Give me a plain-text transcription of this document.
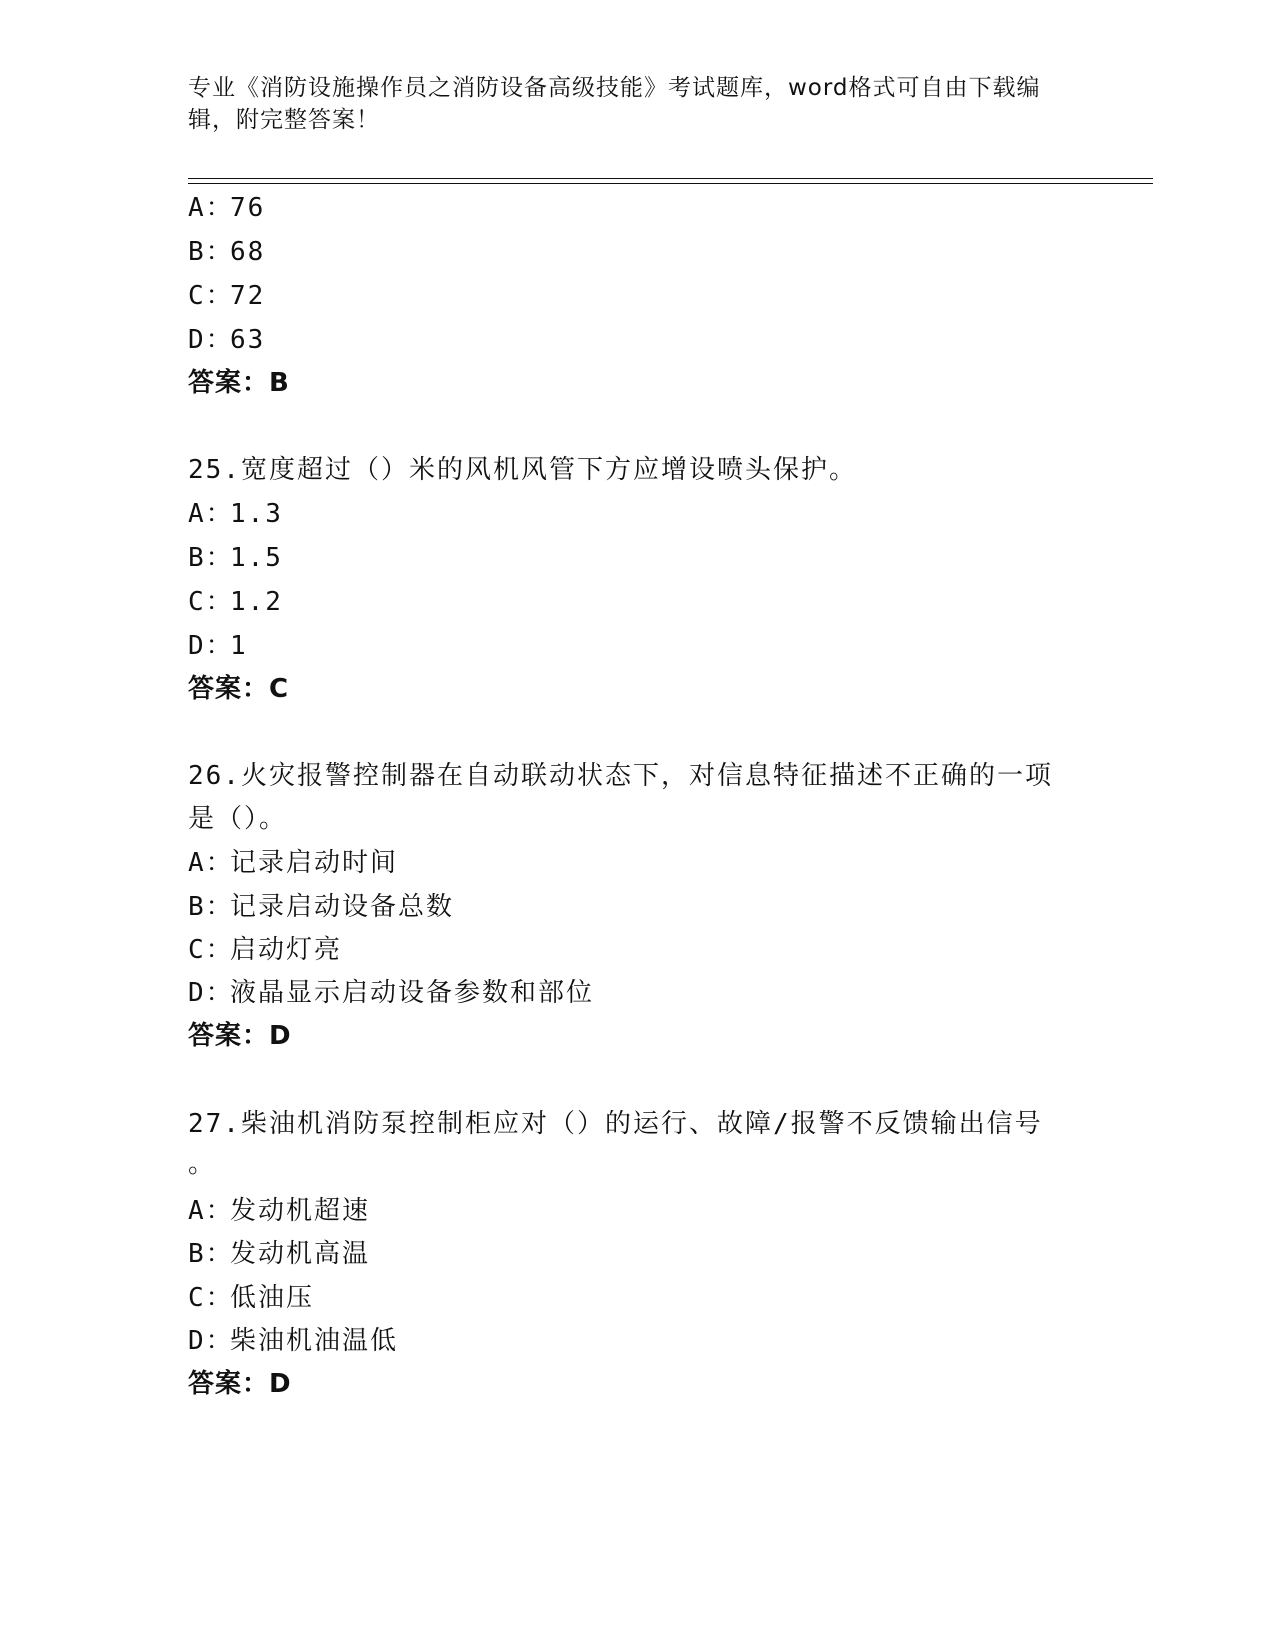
专业《消防设施操作员之消防设备高级技能》考试题库，word格式可自由下载编
辑，附完整答案！
A：76
B：68
C：72
D：63
答案：B
25.宽度超过（）米的风机风管下方应增设喷头保护。
A：1.3
B：1.5
C：1.2
D：1
答案：C
26.火灾报警控制器在自动联动状态下，对信息特征描述不正确的一项
是（）。
A：记录启动时间
B：记录启动设备总数
C：启动灯亮
D：液晶显示启动设备参数和部位
答案：D
27.柴油机消防泵控制柜应对（）的运行、故障/报警不反馈输出信号
。
A：发动机超速
B：发动机高温
C：低油压
D：柴油机油温低
答案：D
